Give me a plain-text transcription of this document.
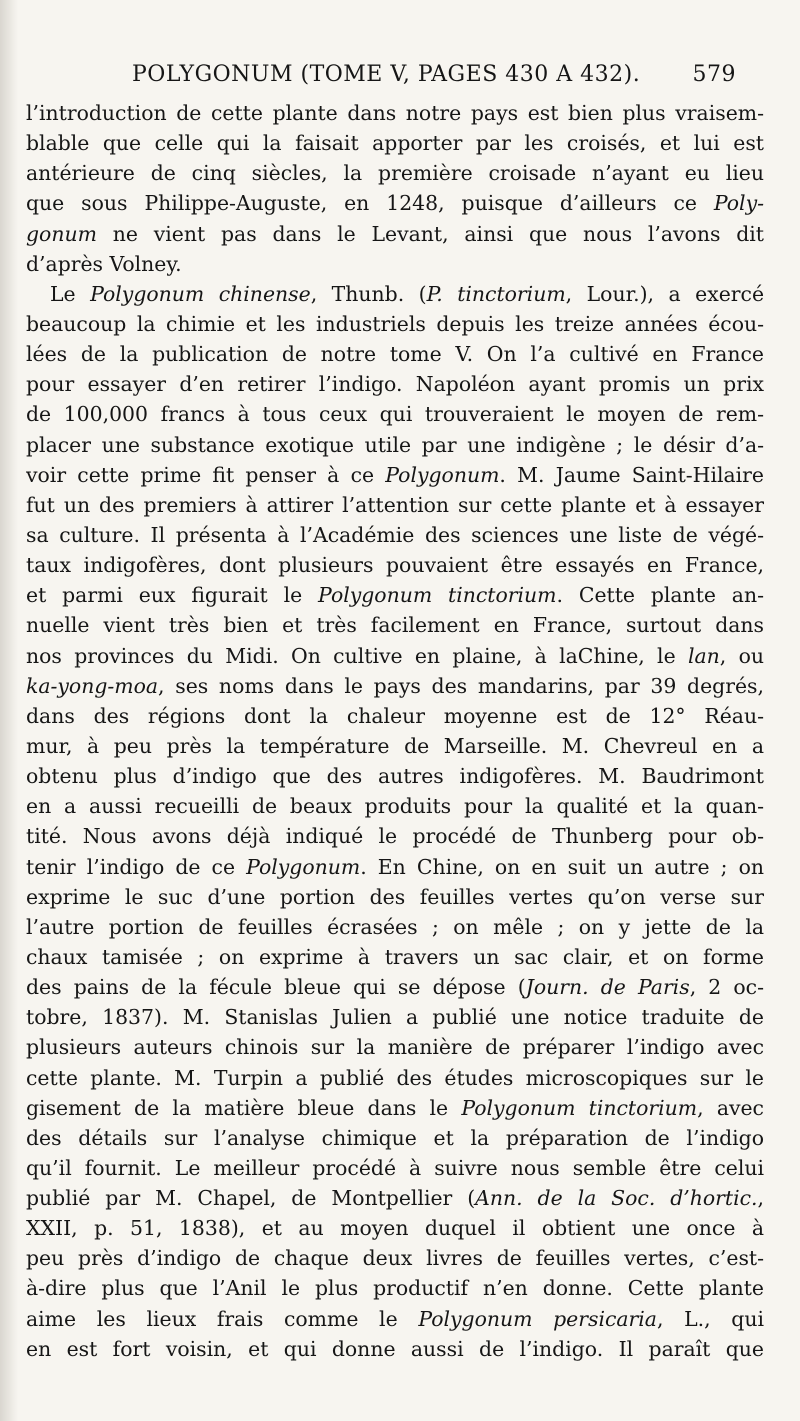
POLYGONUM (TOME V, PAGES 430 A 432). 579
l’introduction de cette plante dans notre pays est bien plus vraisem-
blable que celle qui la faisait apporter par les croisés, et lui est
antérieure de cinq siècles, la première croisade n’ayant eu lieu
que sous Philippe-Auguste, en 1248, puisque d’ailleurs ce Poly-
gonum ne vient pas dans le Levant, ainsi que nous l’avons dit
d’après Volney.
Le Polygonum chinense, Thunb. (P. tinctorium, Lour.), a exercé
beaucoup la chimie et les industriels depuis les treize années écou-
lées de la publication de notre tome V. On l’a cultivé en France
pour essayer d’en retirer l’indigo. Napoléon ayant promis un prix
de 100,000 francs à tous ceux qui trouveraient le moyen de rem-
placer une substance exotique utile par une indigène ; le désir d’a-
voir cette prime fit penser à ce Polygonum. M. Jaume Saint-Hilaire
fut un des premiers à attirer l’attention sur cette plante et à essayer
sa culture. Il présenta à l’Académie des sciences une liste de végé-
taux indigofères, dont plusieurs pouvaient être essayés en France,
et parmi eux figurait le Polygonum tinctorium. Cette plante an-
nuelle vient très bien et très facilement en France, surtout dans
nos provinces du Midi. On cultive en plaine, à laChine, le lan, ou
ka-yong-moa, ses noms dans le pays des mandarins, par 39 degrés,
dans des régions dont la chaleur moyenne est de 12° Réau-
mur, à peu près la température de Marseille. M. Chevreul en a
obtenu plus d’indigo que des autres indigofères. M. Baudrimont
en a aussi recueilli de beaux produits pour la qualité et la quan-
tité. Nous avons déjà indiqué le procédé de Thunberg pour ob-
tenir l’indigo de ce Polygonum. En Chine, on en suit un autre ; on
exprime le suc d’une portion des feuilles vertes qu’on verse sur
l’autre portion de feuilles écrasées ; on mêle ; on y jette de la
chaux tamisée ; on exprime à travers un sac clair, et on forme
des pains de la fécule bleue qui se dépose (Journ. de Paris, 2 oc-
tobre, 1837). M. Stanislas Julien a publié une notice traduite de
plusieurs auteurs chinois sur la manière de préparer l’indigo avec
cette plante. M. Turpin a publié des études microscopiques sur le
gisement de la matière bleue dans le Polygonum tinctorium, avec
des détails sur l’analyse chimique et la préparation de l’indigo
qu’il fournit. Le meilleur procédé à suivre nous semble être celui
publié par M. Chapel, de Montpellier (Ann. de la Soc. d’hortic.,
XXII, p. 51, 1838), et au moyen duquel il obtient une once à
peu près d’indigo de chaque deux livres de feuilles vertes, c’est-
à-dire plus que l’Anil le plus productif n’en donne. Cette plante
aime les lieux frais comme le Polygonum persicaria, L., qui
en est fort voisin, et qui donne aussi de l’indigo. Il paraît que
